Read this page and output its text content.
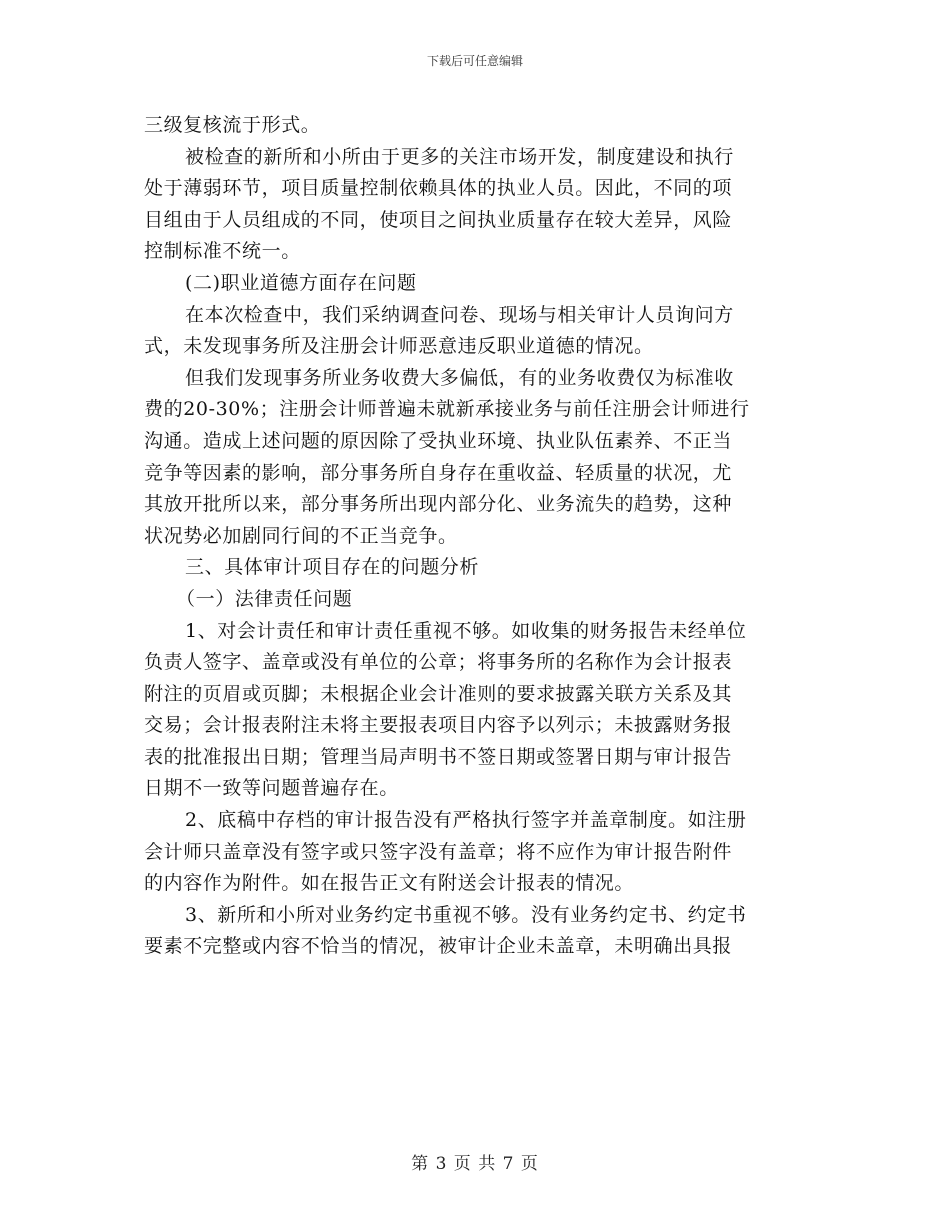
下载后可任意编辑
三级复核流于形式。
被检查的新所和小所由于更多的关注市场开发，制度建设和执行
处于薄弱环节，项目质量控制依赖具体的执业人员。因此，不同的项
目组由于人员组成的不同，使项目之间执业质量存在较大差异，风险
控制标准不统一。
(二)职业道德方面存在问题
在本次检查中，我们采纳调查问卷、现场与相关审计人员询问方
式，未发现事务所及注册会计师恶意违反职业道德的情况。
但我们发现事务所业务收费大多偏低，有的业务收费仅为标准收
费的20-30%；注册会计师普遍未就新承接业务与前任注册会计师进行
沟通。造成上述问题的原因除了受执业环境、执业队伍素养、不正当
竞争等因素的影响，部分事务所自身存在重收益、轻质量的状况，尤
其放开批所以来，部分事务所出现内部分化、业务流失的趋势，这种
状况势必加剧同行间的不正当竞争。
三、具体审计项目存在的问题分析
（一）法律责任问题
1、对会计责任和审计责任重视不够。如收集的财务报告未经单位
负责人签字、盖章或没有单位的公章；将事务所的名称作为会计报表
附注的页眉或页脚；未根据企业会计准则的要求披露关联方关系及其
交易；会计报表附注未将主要报表项目内容予以列示；未披露财务报
表的批准报出日期；管理当局声明书不签日期或签署日期与审计报告
日期不一致等问题普遍存在。
2、底稿中存档的审计报告没有严格执行签字并盖章制度。如注册
会计师只盖章没有签字或只签字没有盖章；将不应作为审计报告附件
的内容作为附件。如在报告正文有附送会计报表的情况。
3、新所和小所对业务约定书重视不够。没有业务约定书、约定书
要素不完整或内容不恰当的情况，被审计企业未盖章，未明确出具报
第 3 页 共 7 页
